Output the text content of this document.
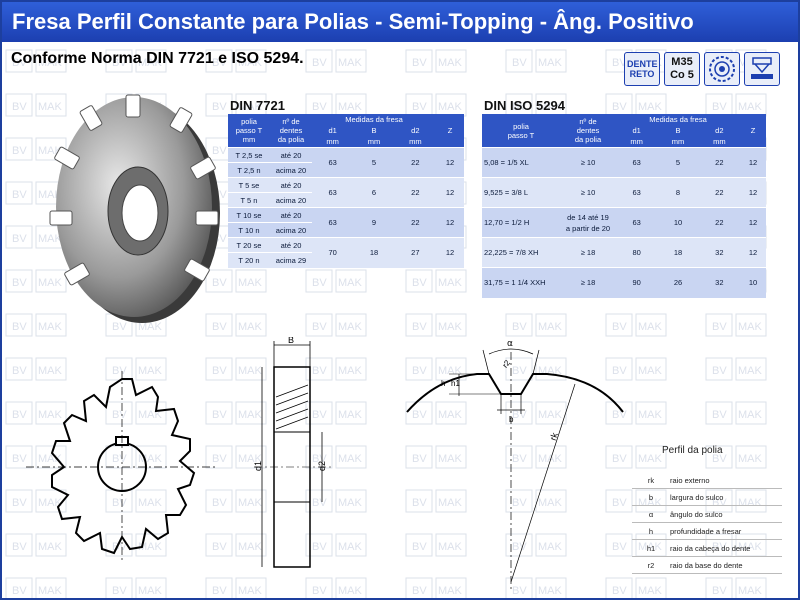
Fresa Perfil Constante para Polias - Semi-Topping - Âng. Positivo
Conforme Norma DIN 7721 e ISO 5294.	DENTE RETO
M35
Co 5
DIN 7721
polia
passo T
mm	nº de
dentes
da polia	Medidas da fresa			Z
		d1	B	d2	
		mm	mm	mm	
T 2,5 se	até 20	63	5	22	12
T 2,5 n	acima 20				
T 5 se	até 20	63	6	22	12
T 5 n	acima 20				
T 10 se	até 20	63	9	22	12
T 10 n	acima 20				
T 20 se	até 20	70	18	27	12
T 20 n	acima 29				
DIN ISO 5294
polia
passo T	nº de
dentes
da polia	Medidas da fresa			Z
		d1	B	d2	
		mm	mm	mm	
5,08 = 1/5 XL	≥ 10	63	5	22	12
9,525 = 3/8 L	≥ 10	63	8	22	12
12,70 = 1/2 H	de 14 até 19
a partir de 20	63	10	22	12
22,225 = 7/8 XH	≥ 18	80	18	32	12
31,75 = 1 1/4 XXH	≥ 18	90	26	32	10
B
d1	d2
α
r2
h h1
b
rk
Perfil da polia
rk raio externo
b largura do sulco
α ângulo do sulco
h profundidade a fresar
h1 raio da cabeça do dente
r2 raio da base do dente
